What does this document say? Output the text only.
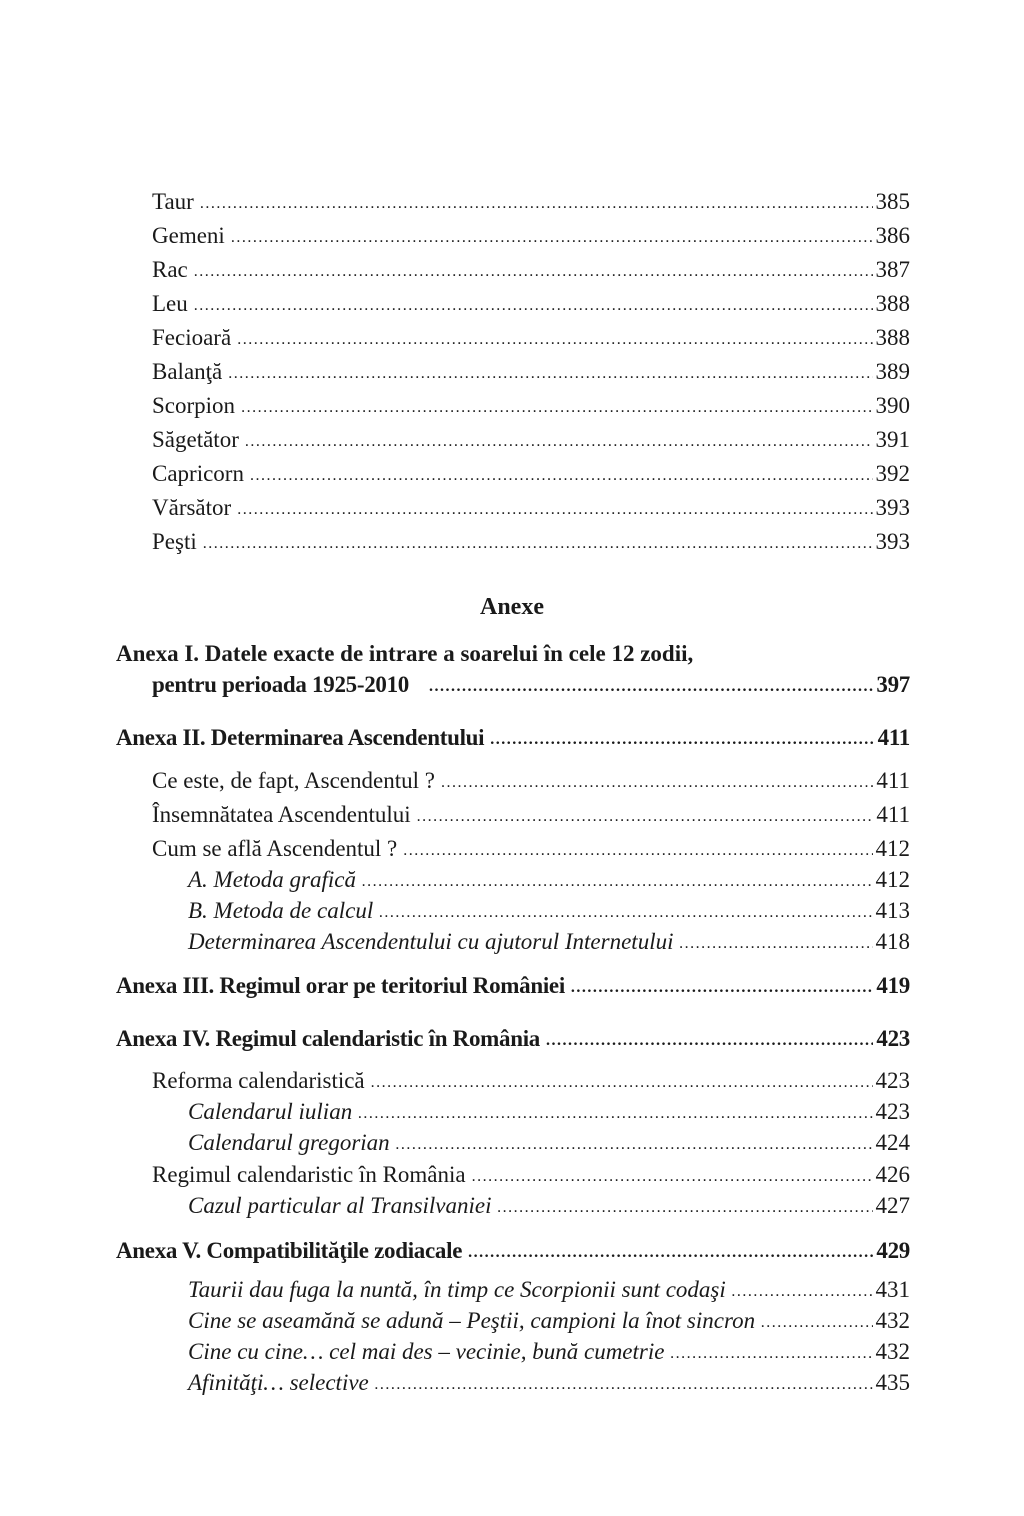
Taur .....	385
Gemeni .....	386
Rac .....	387
Leu .....	388
Fecioară .....	388
Balanţă .....	389
Scorpion .....	390
Săgetător .....	391
Capricorn .....	392
Vărsător .....	393
Peşti .....	393
Anexe
Anexa I. Datele exacte de intrare a soarelui în cele 12 zodii,
pentru perioada 1925-2010 .....	397
Anexa II. Determinarea Ascendentului .....	411
Ce este, de fapt, Ascendentul ? .....	411
Însemnătatea Ascendentului .....	411
Cum se află Ascendentul ? .....	412
A. Metoda grafică .....	412
B. Metoda de calcul .....	413
Determinarea Ascendentului cu ajutorul Internetului .....	418
Anexa III. Regimul orar pe teritoriul României .....	419
Anexa IV. Regimul calendaristic în România .....	423
Reforma calendaristică .....	423
Calendarul iulian .....	423
Calendarul gregorian .....	424
Regimul calendaristic în România .....	426
Cazul particular al Transilvaniei .....	427
Anexa V. Compatibilităţile zodiacale .....	429
Taurii dau fuga la nuntă, în timp ce Scorpionii sunt codaşi .....	431
Cine se aseamănă se adună – Peştii, campioni la înot sincron .....	432
Cine cu cine… cel mai des – vecinie, bună cumetrie .....	432
Afinităţi… selective .....	435
